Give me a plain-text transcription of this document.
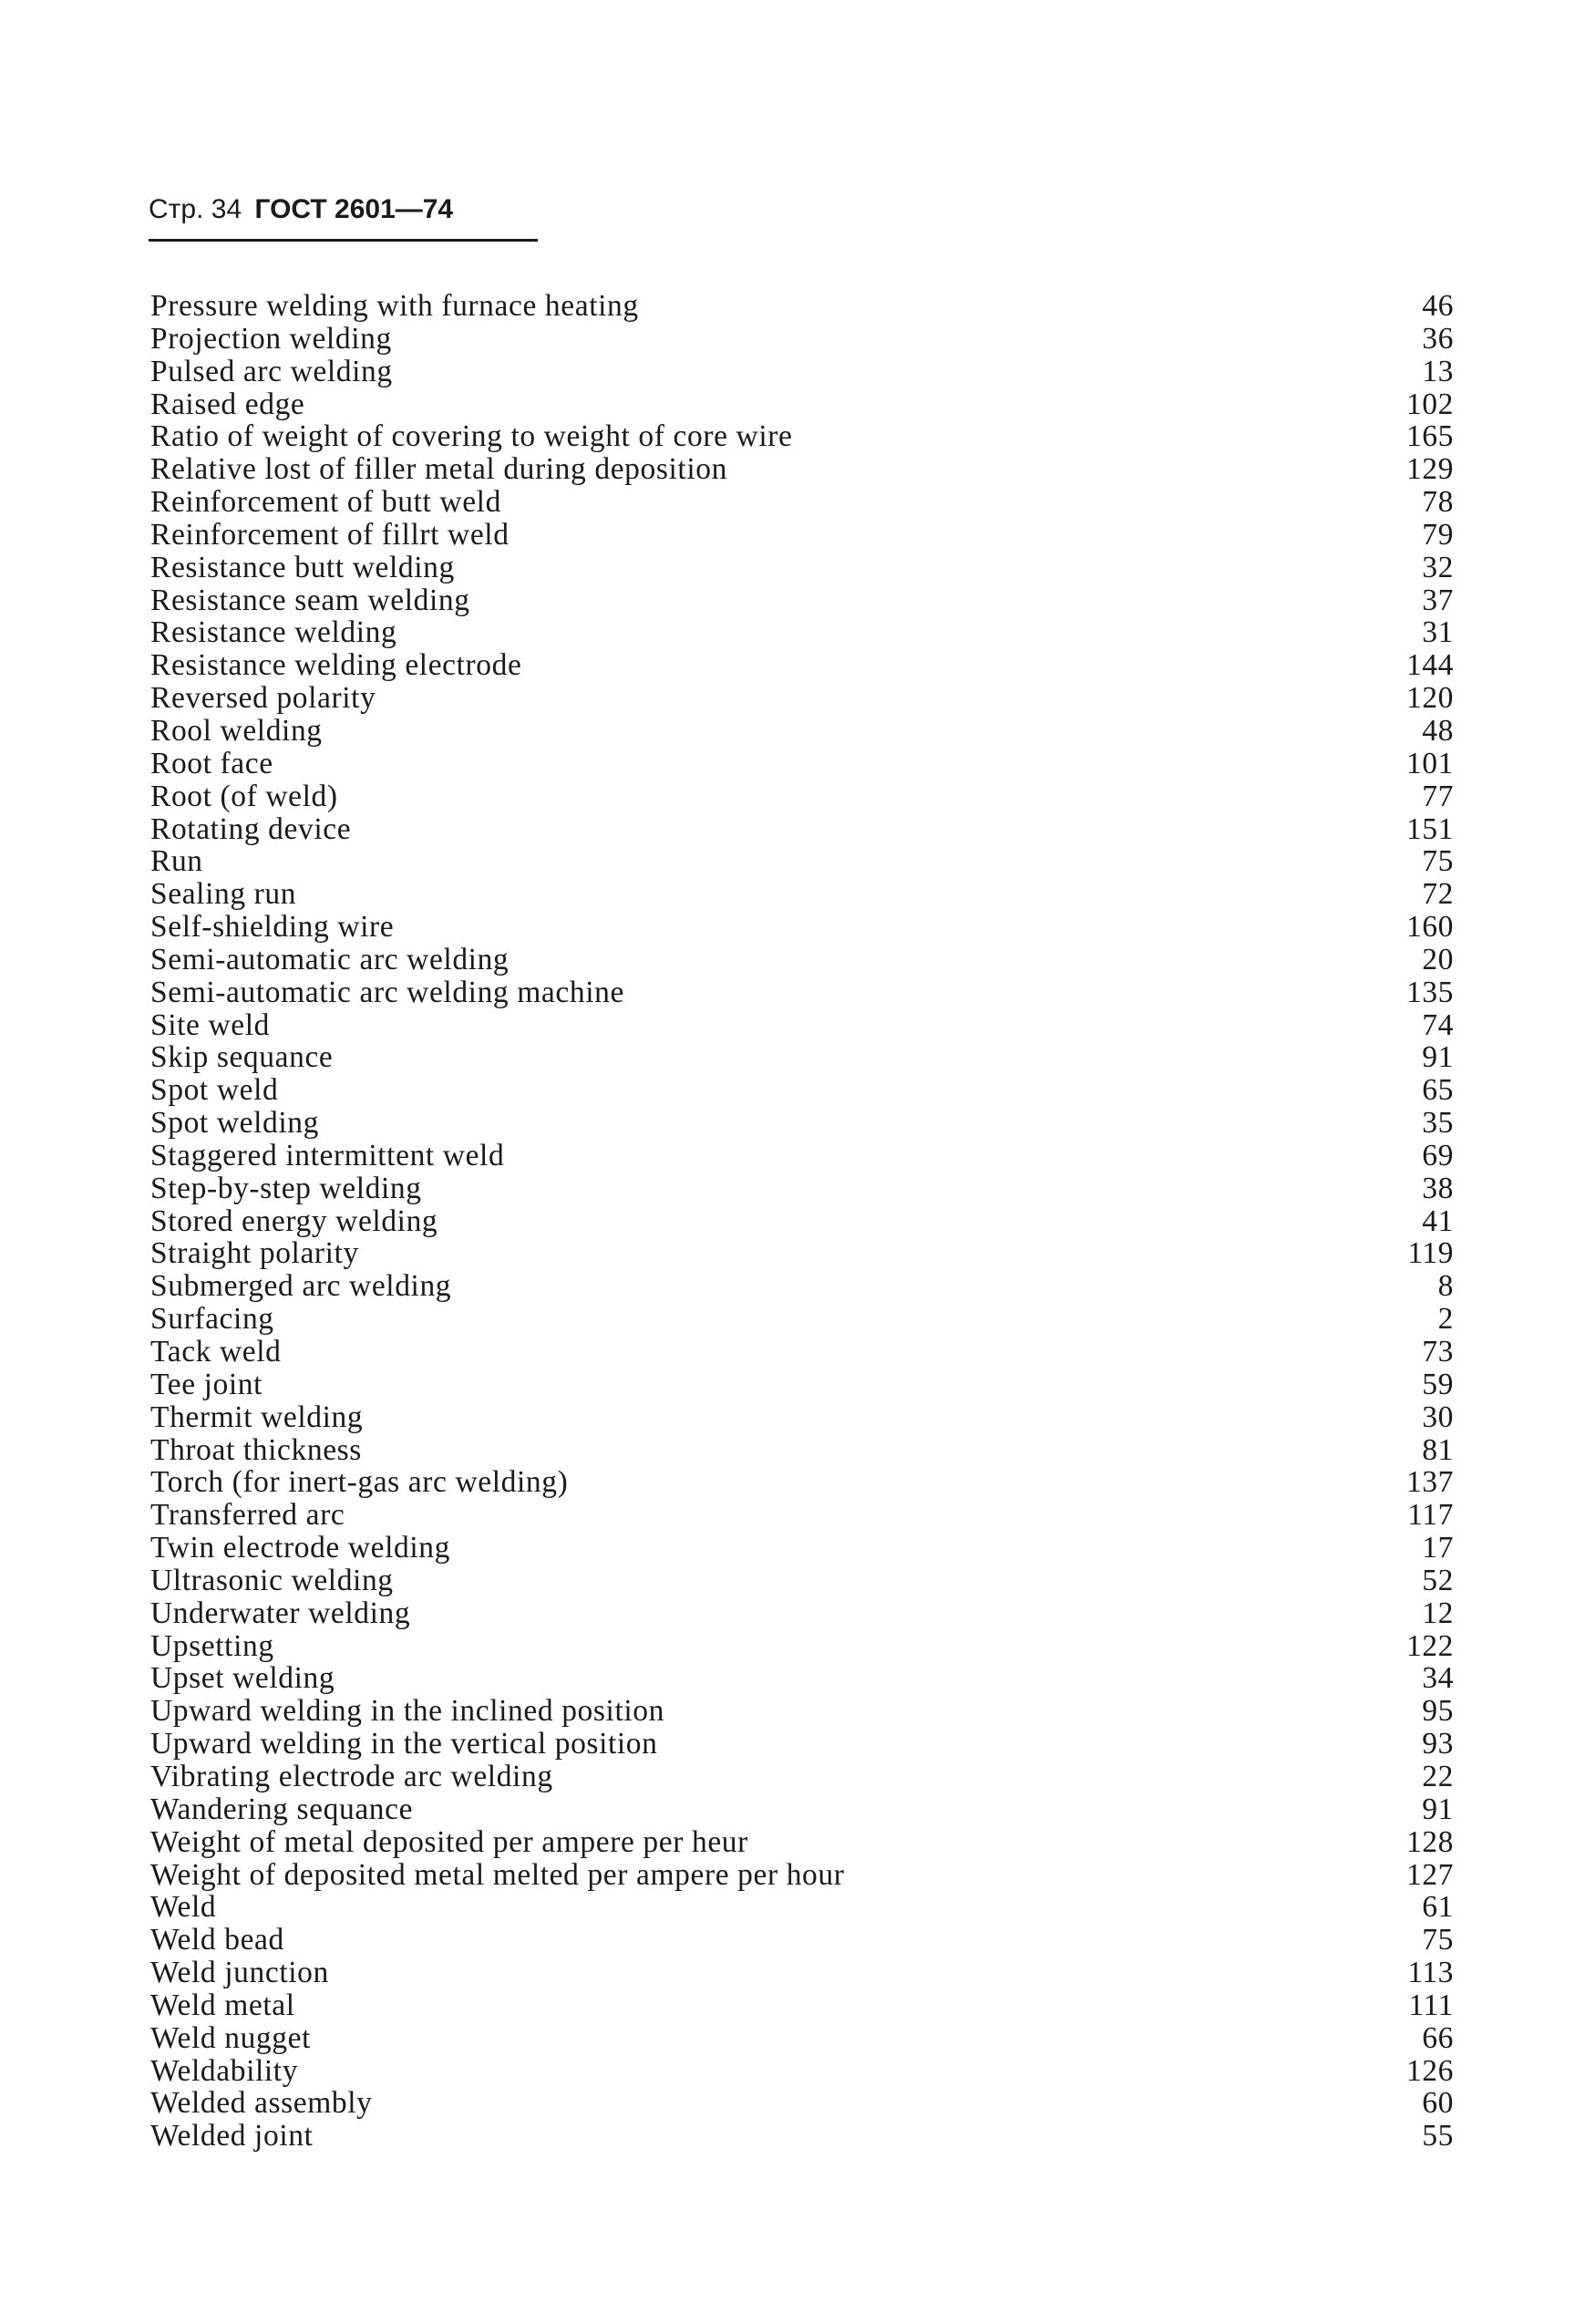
Стр. 34 ГОСТ 2601—74
Pressure welding with furnace heating	46
Projection welding	36
Pulsed arc welding	13
Raised edge	102
Ratio of weight of covering to weight of core wire	165
Relative lost of filler metal during deposition	129
Reinforcement of butt weld	78
Reinforcement of fillrt weld	79
Resistance butt welding	32
Resistance seam welding	37
Resistance welding	31
Resistance welding electrode	144
Reversed polarity	120
Rool welding	48
Root face	101
Root (of weld)	77
Rotating device	151
Run	75
Sealing run	72
Self-shielding wire	160
Semi-automatic arc welding	20
Semi-automatic arc welding machine	135
Site weld	74
Skip sequance	91
Spot weld	65
Spot welding	35
Staggered intermittent weld	69
Step-by-step welding	38
Stored energy welding	41
Straight polarity	119
Submerged arc welding	8
Surfacing	2
Tack weld	73
Tee joint	59
Thermit welding	30
Throat thickness	81
Torch (for inert-gas arc welding)	137
Transferred arc	117
Twin electrode welding	17
Ultrasonic welding	52
Underwater welding	12
Upsetting	122
Upset welding	34
Upward welding in the inclined position	95
Upward welding in the vertical position	93
Vibrating electrode arc welding	22
Wandering sequance	91
Weight of metal deposited per ampere per heur	128
Weight of deposited metal melted per ampere per hour	127
Weld	61
Weld bead	75
Weld junction	113
Weld metal	111
Weld nugget	66
Weldability	126
Welded assembly	60
Welded joint	55
